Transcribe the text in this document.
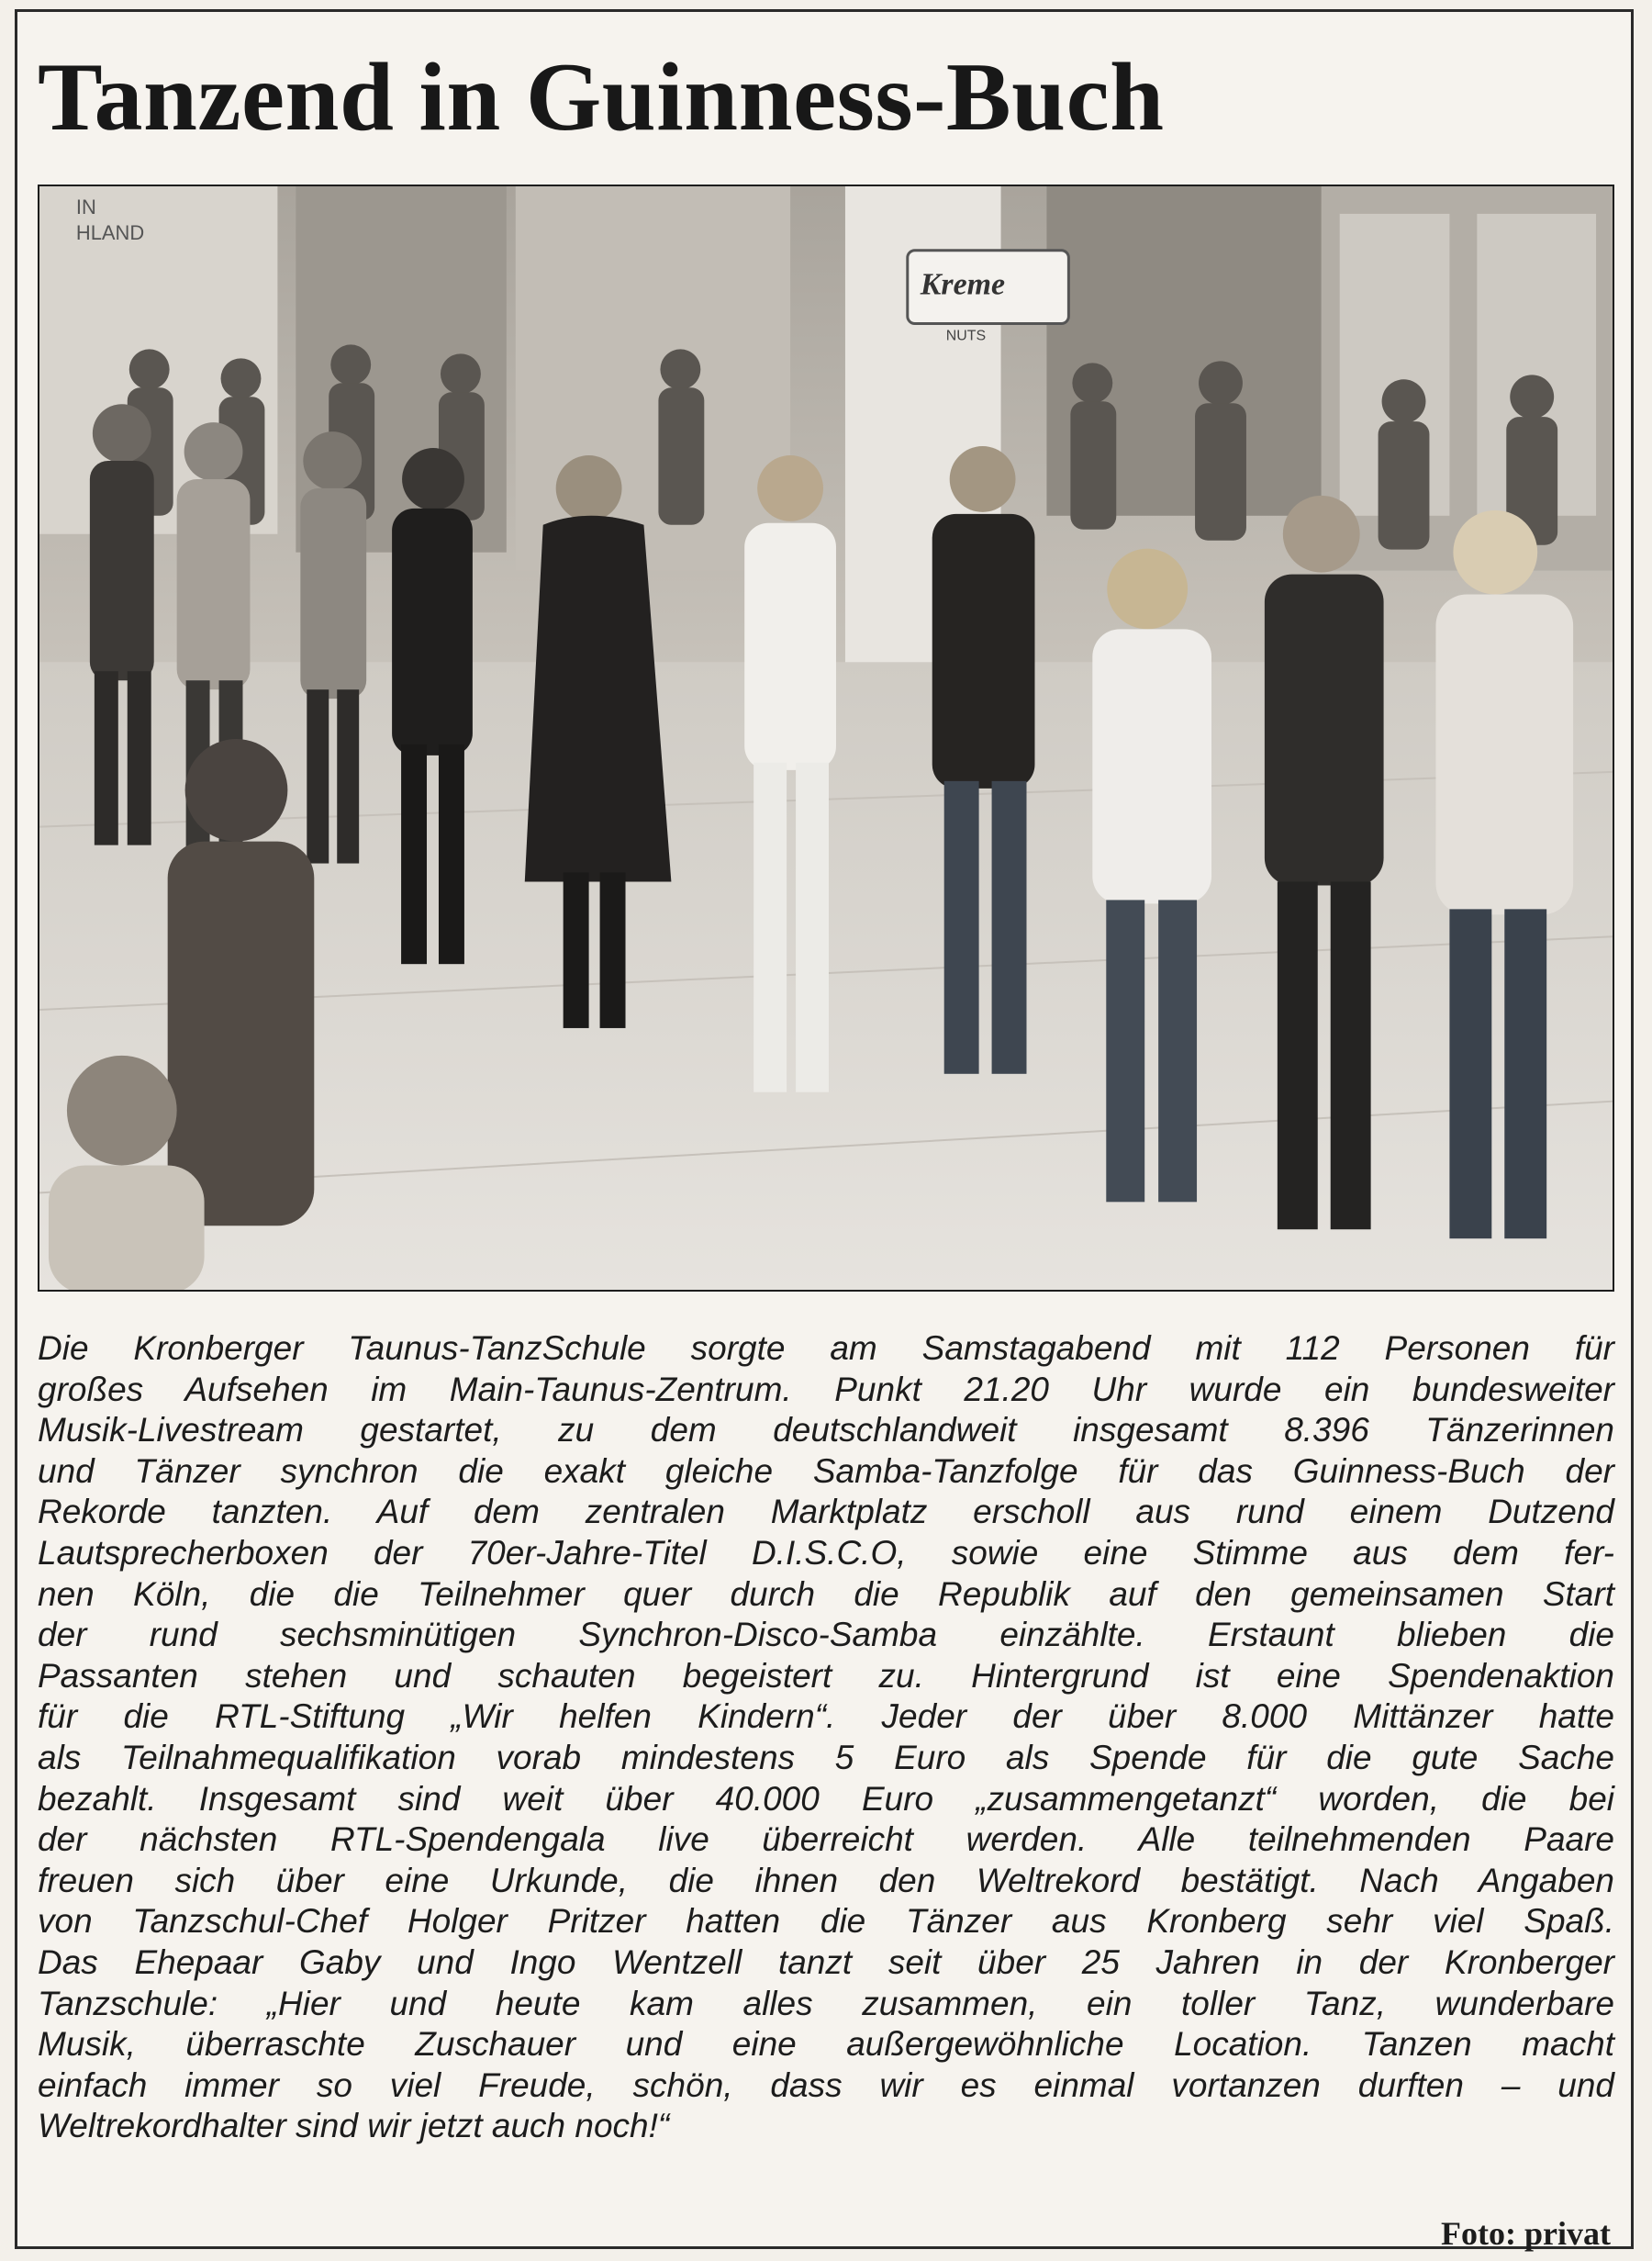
Tanzend in Guinness-Buch
IN
HLAND
Kreme
NUTS

Die Kronberger Taunus-TanzSchule sorgte am Samstagabend mit 112 Personen für
großes Aufsehen im Main-Taunus-Zentrum. Punkt 21.20 Uhr wurde ein bundesweiter
Musik-Livestream gestartet, zu dem deutschlandweit insgesamt 8.396 Tänzerinnen
und Tänzer synchron die exakt gleiche Samba-Tanzfolge für das Guinness-Buch der
Rekorde tanzten. Auf dem zentralen Marktplatz erscholl aus rund einem Dutzend
Lautsprecherboxen der 70er-Jahre-Titel D.I.S.C.O, sowie eine Stimme aus dem fer-
nen Köln, die die Teilnehmer quer durch die Republik auf den gemeinsamen Start
der rund sechsminütigen Synchron-Disco-Samba einzählte. Erstaunt blieben die
Passanten stehen und schauten begeistert zu. Hintergrund ist eine Spendenaktion
für die RTL-Stiftung „Wir helfen Kindern“. Jeder der über 8.000 Mittänzer hatte
als Teilnahmequalifikation vorab mindestens 5 Euro als Spende für die gute Sache
bezahlt. Insgesamt sind weit über 40.000 Euro „zusammengetanzt“ worden, die bei
der nächsten RTL-Spendengala live überreicht werden. Alle teilnehmenden Paare
freuen sich über eine Urkunde, die ihnen den Weltrekord bestätigt. Nach Angaben
von Tanzschul-Chef Holger Pritzer hatten die Tänzer aus Kronberg sehr viel Spaß.
Das Ehepaar Gaby und Ingo Wentzell tanzt seit über 25 Jahren in der Kronberger
Tanzschule: „Hier und heute kam alles zusammen, ein toller Tanz, wunderbare
Musik, überraschte Zuschauer und eine außergewöhnliche Location. Tanzen macht
einfach immer so viel Freude, schön, dass wir es einmal vortanzen durften – und
Weltrekordhalter sind wir jetzt auch noch!“

Foto: privat
